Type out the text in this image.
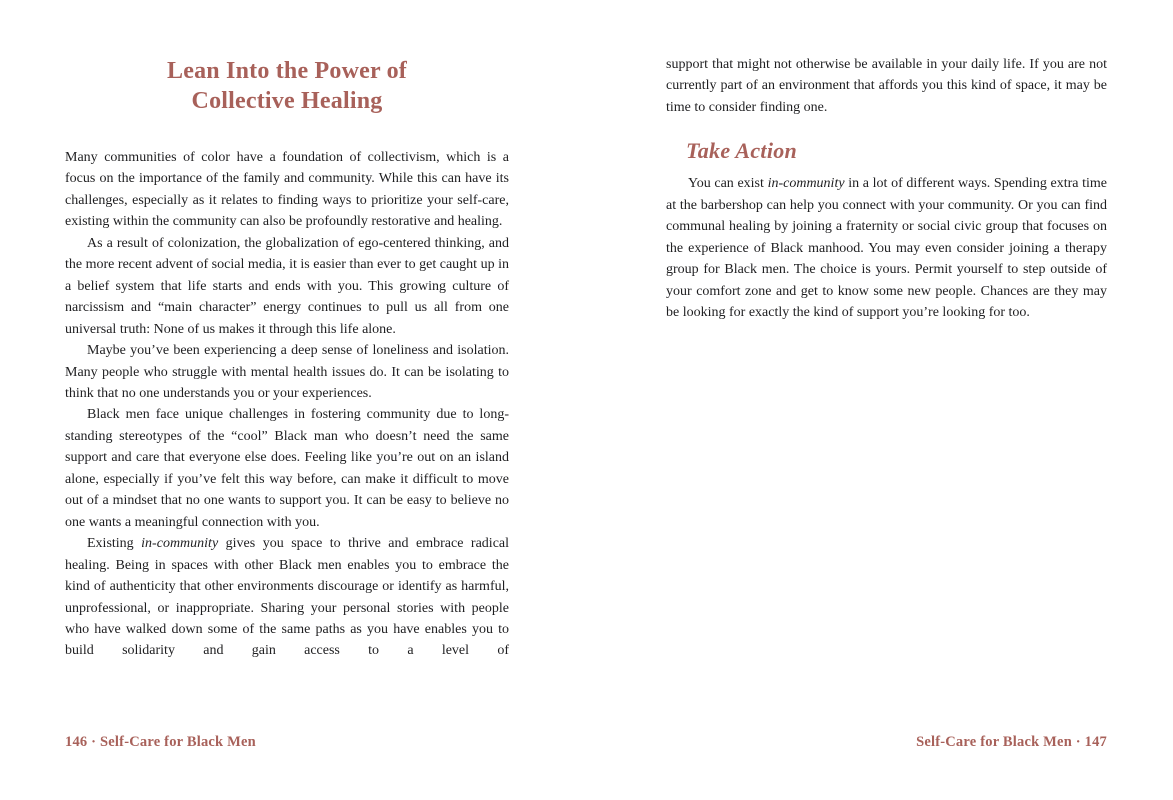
Lean Into the Power of
Collective Healing

Many communities of color have a foundation of collectivism, which is a focus on the importance of the family and community. While this can have its challenges, especially as it relates to finding ways to prioritize your self-care, existing within the community can also be profoundly restorative and healing.

As a result of colonization, the globalization of ego-centered thinking, and the more recent advent of social media, it is easier than ever to get caught up in a belief system that life starts and ends with you. This growing culture of narcissism and “main character” energy continues to pull us all from one universal truth: None of us makes it through this life alone.

Maybe you’ve been experiencing a deep sense of loneliness and isolation. Many people who struggle with mental health issues do. It can be isolating to think that no one understands you or your experiences.

Black men face unique challenges in fostering community due to long-standing stereotypes of the “cool” Black man who doesn’t need the same support and care that everyone else does. Feeling like you’re out on an island alone, especially if you’ve felt this way before, can make it difficult to move out of a mindset that no one wants to support you. It can be easy to believe no one wants a meaningful connection with you.

Existing in-community gives you space to thrive and embrace radical healing. Being in spaces with other Black men enables you to embrace the kind of authenticity that other environments discourage or identify as harmful, unprofessional, or inappropriate. Sharing your personal stories with people who have walked down some of the same paths as you have enables you to build solidarity and gain access to a level of

support that might not otherwise be available in your daily life. If you are not currently part of an environment that affords you this kind of space, it may be time to consider finding one.

Take Action

You can exist in-community in a lot of different ways. Spending extra time at the barbershop can help you connect with your community. Or you can find communal healing by joining a fraternity or social civic group that focuses on the experience of Black manhood. You may even consider joining a therapy group for Black men. The choice is yours. Permit yourself to step outside of your comfort zone and get to know some new people. Chances are they may be looking for exactly the kind of support you’re looking for too.

146 · Self-Care for Black Men	Self-Care for Black Men · 147
